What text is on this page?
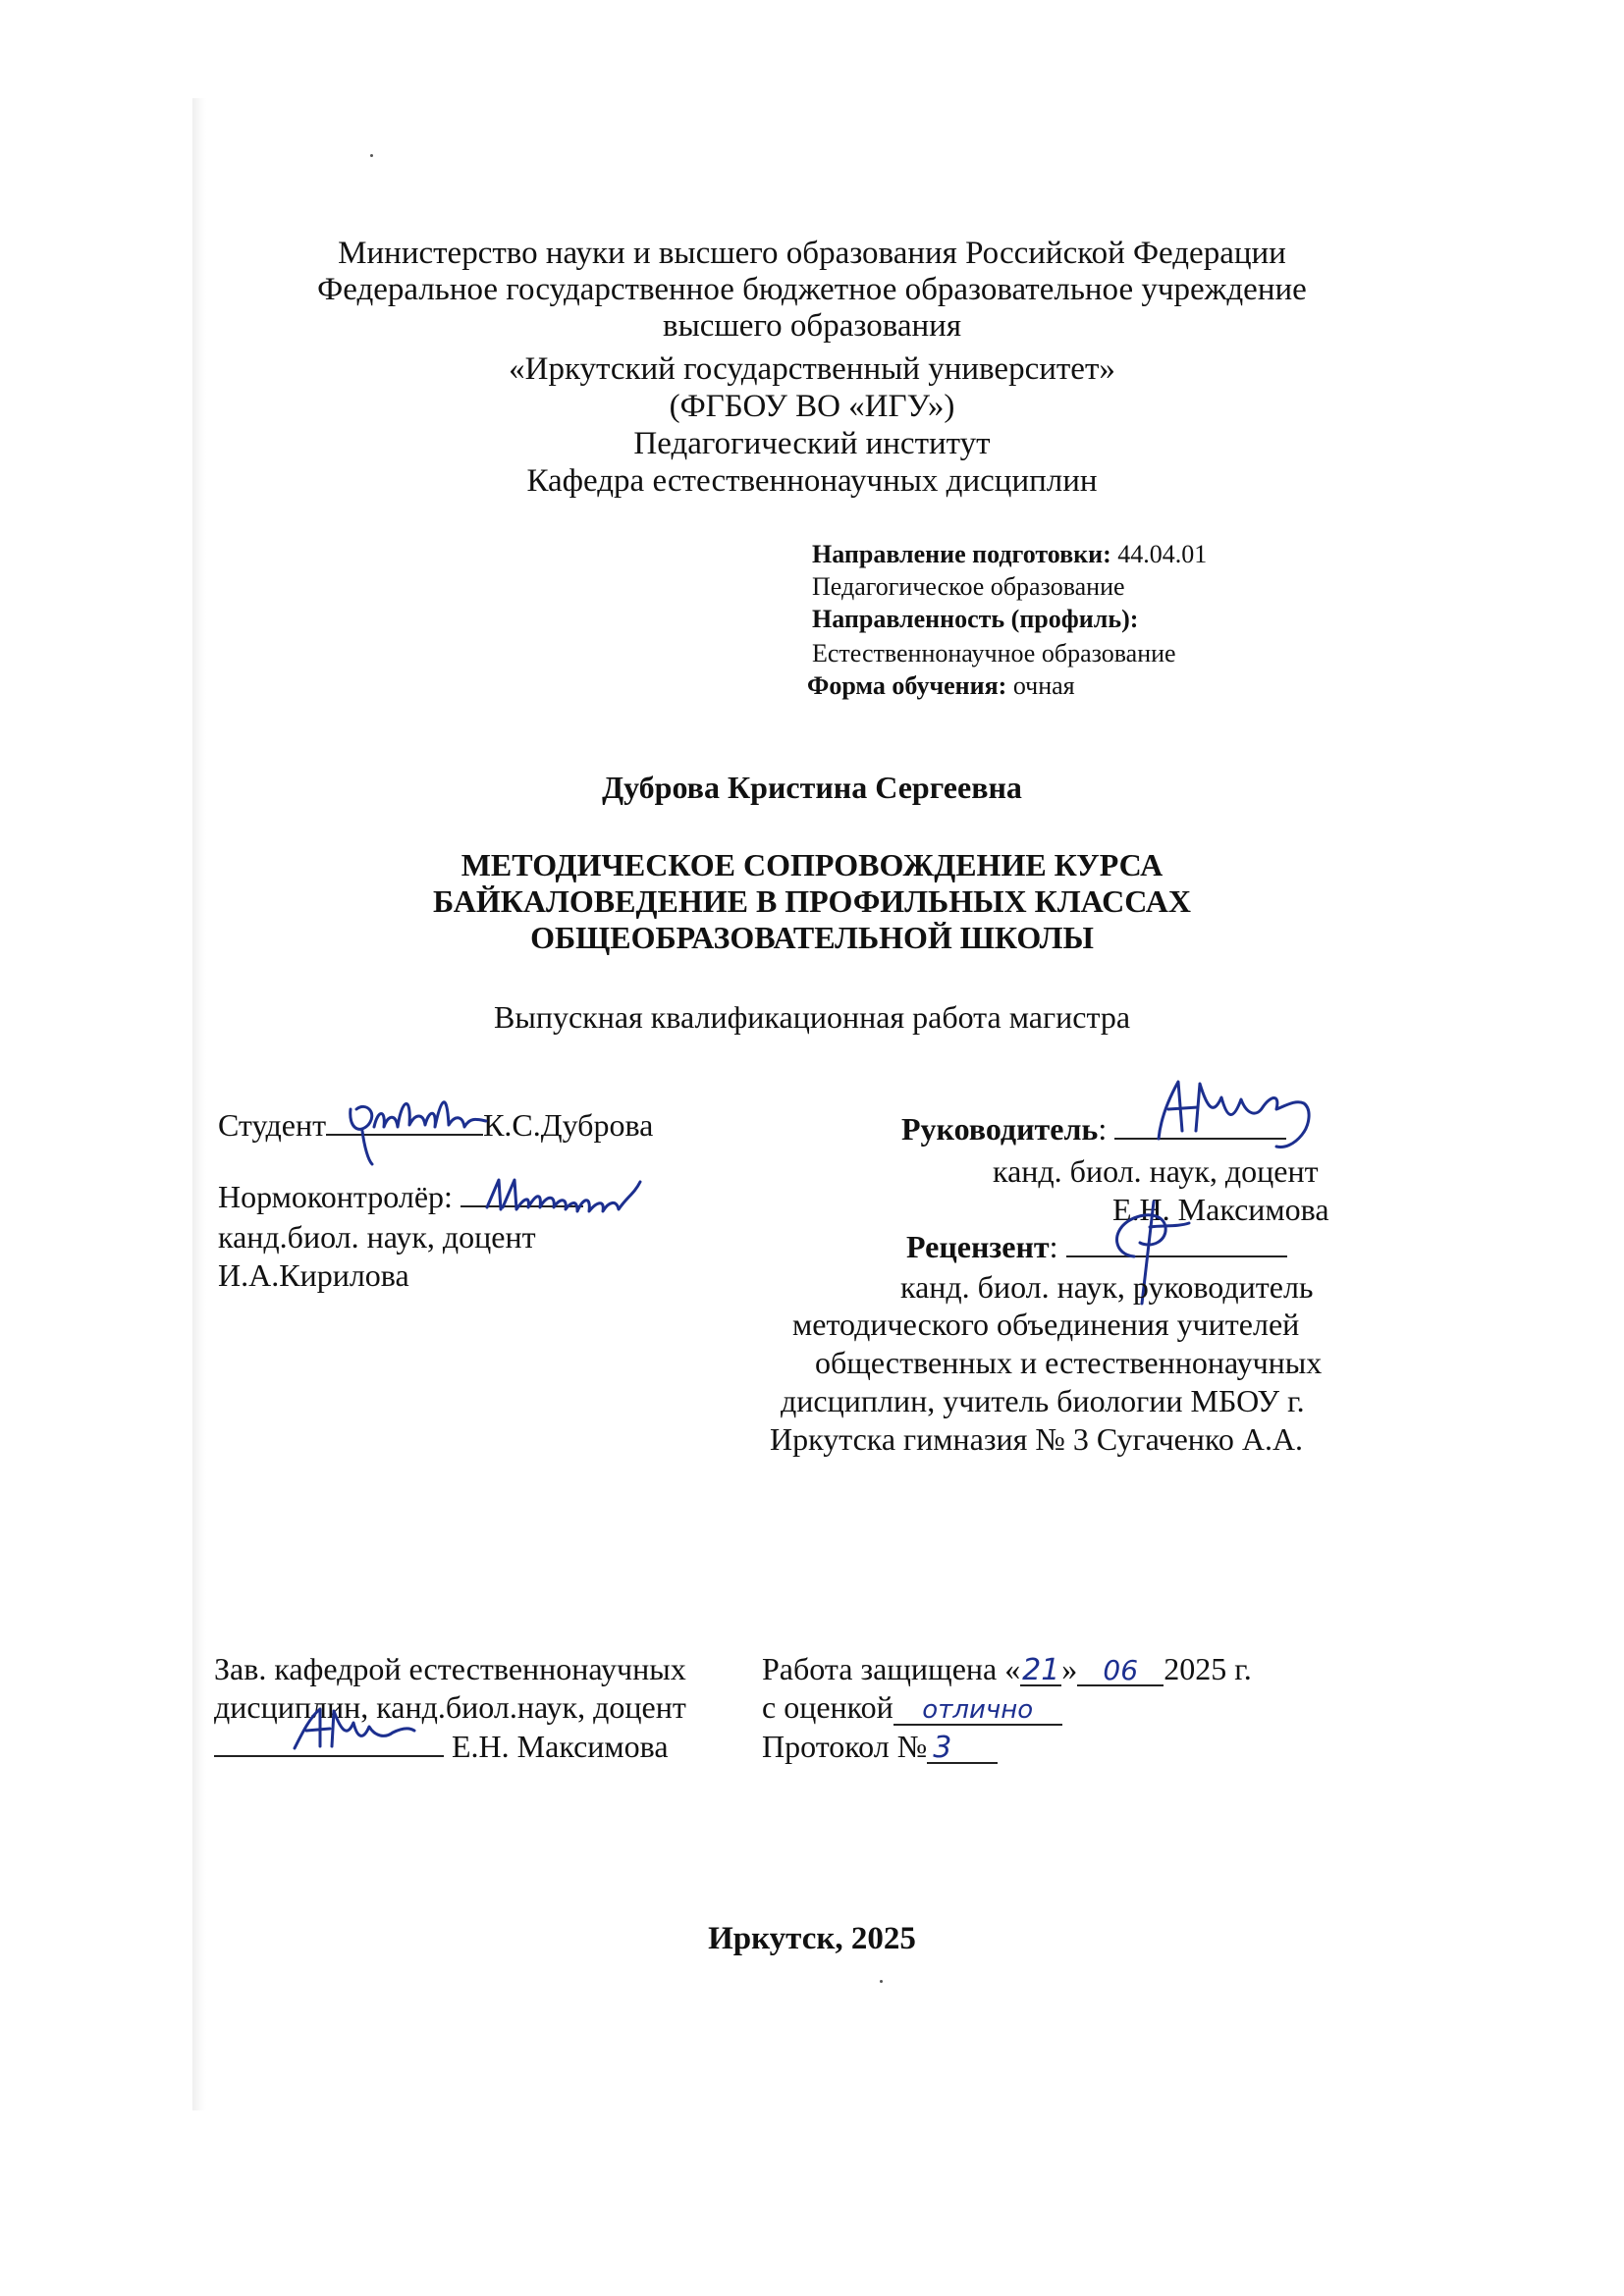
Министерство науки и высшего образования Российской Федерации
Федеральное государственное бюджетное образовательное учреждение
высшего образования
«Иркутский государственный университет»
(ФГБОУ ВО «ИГУ»)
Педагогический институт
Кафедра естественнонаучных дисциплин
Направление подготовки: 44.04.01
Педагогическое образование
Направленность (профиль):
Естественнонаучное образование
Форма обучения: очная
Дуброва Кристина Сергеевна
МЕТОДИЧЕСКОЕ СОПРОВОЖДЕНИЕ КУРСА
БАЙКАЛОВЕДЕНИЕ В ПРОФИЛЬНЫХ КЛАССАХ
ОБЩЕОБРАЗОВАТЕЛЬНОЙ ШКОЛЫ
Выпускная квалификационная работа магистра
Студент	К.С.Дуброва
Нормоконтролёр:
канд.биол. наук, доцент
И.А.Кирилова
Руководитель:
канд. биол. наук, доцент
Е.Н. Максимова
Рецензент:
канд. биол. наук, руководитель
методического объединения учителей
общественных и естественнонаучных
дисциплин, учитель биологии МБОУ г.
Иркутска гимназия № 3 Сугаченко А.А.
Зав. кафедрой естественнонаучных
дисциплин, канд.биол.наук, доцент
Е.Н. Максимова
Работа защищена «21» 06 2025 г.
с оценкой отлично
Протокол № 3
Иркутск, 2025
